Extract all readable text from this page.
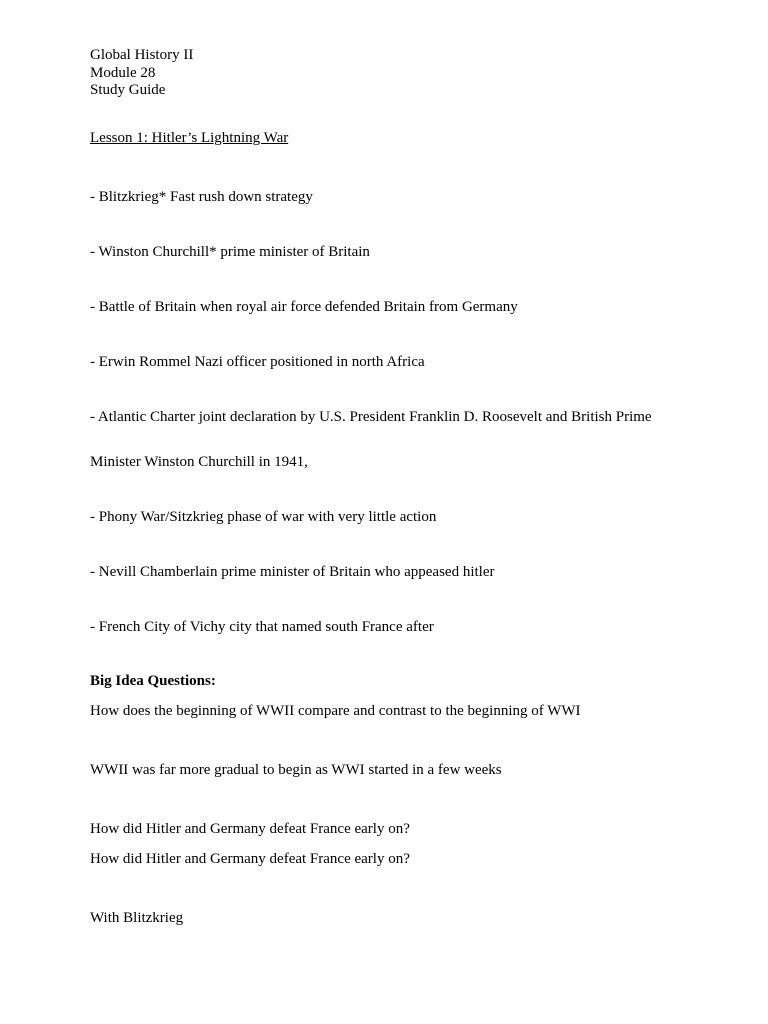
Global History II
Module 28
Study Guide
Lesson 1: Hitler’s Lightning War
- Blitzkrieg* Fast rush down strategy
- Winston Churchill* prime minister of Britain
- Battle of Britain when royal air force defended Britain from Germany
- Erwin Rommel Nazi officer positioned in north Africa
- Atlantic Charter joint declaration by U.S. President Franklin D. Roosevelt and British Prime
Minister Winston Churchill in 1941,
- Phony War/Sitzkrieg phase of war with very little action
- Nevill Chamberlain prime minister of Britain who appeased hitler
- French City of Vichy city that named south France after
Big Idea Questions:
How does the beginning of WWII compare and contrast to the beginning of WWI
WWII was far more gradual to begin as WWI started in a few weeks
How did Hitler and Germany defeat France early on?
How did Hitler and Germany defeat France early on?
With Blitzkrieg
